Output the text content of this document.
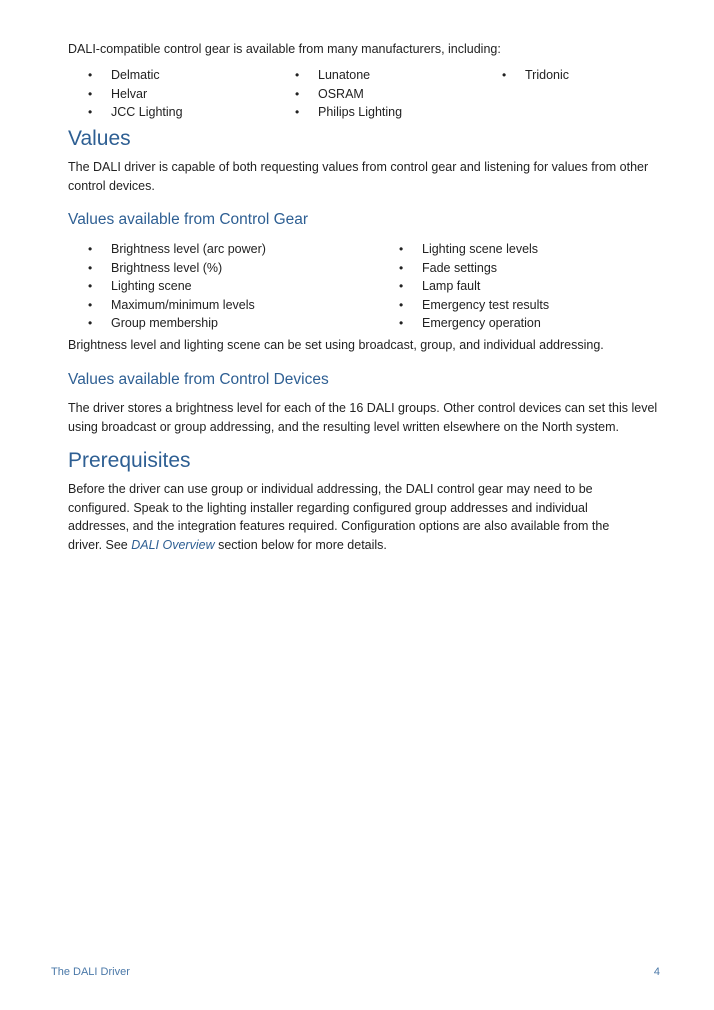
DALI-compatible control gear is available from many manufacturers, including:

• Delmatic
• Helvar
• JCC Lighting
• Lunatone
• OSRAM
• Philips Lighting
• Tridonic
Values

The DALI driver is capable of both requesting values from control gear and listening for values from other control devices.

Values available from Control Gear
• Brightness level (arc power)
• Brightness level (%)
• Lighting scene
• Maximum/minimum levels
• Group membership
• Lighting scene levels
• Fade settings
• Lamp fault
• Emergency test results
• Emergency operation

Brightness level and lighting scene can be set using broadcast, group, and individual addressing.

Values available from Control Devices

The driver stores a brightness level for each of the 16 DALI groups. Other control devices can set this level using broadcast or group addressing, and the resulting level written elsewhere on the North system.

Prerequisites

Before the driver can use group or individual addressing, the DALI control gear may need to be configured. Speak to the lighting installer regarding configured group addresses and individual addresses, and the integration features required. Configuration options are also available from the driver. See DALI Overview section below for more details.

The DALI Driver	4
